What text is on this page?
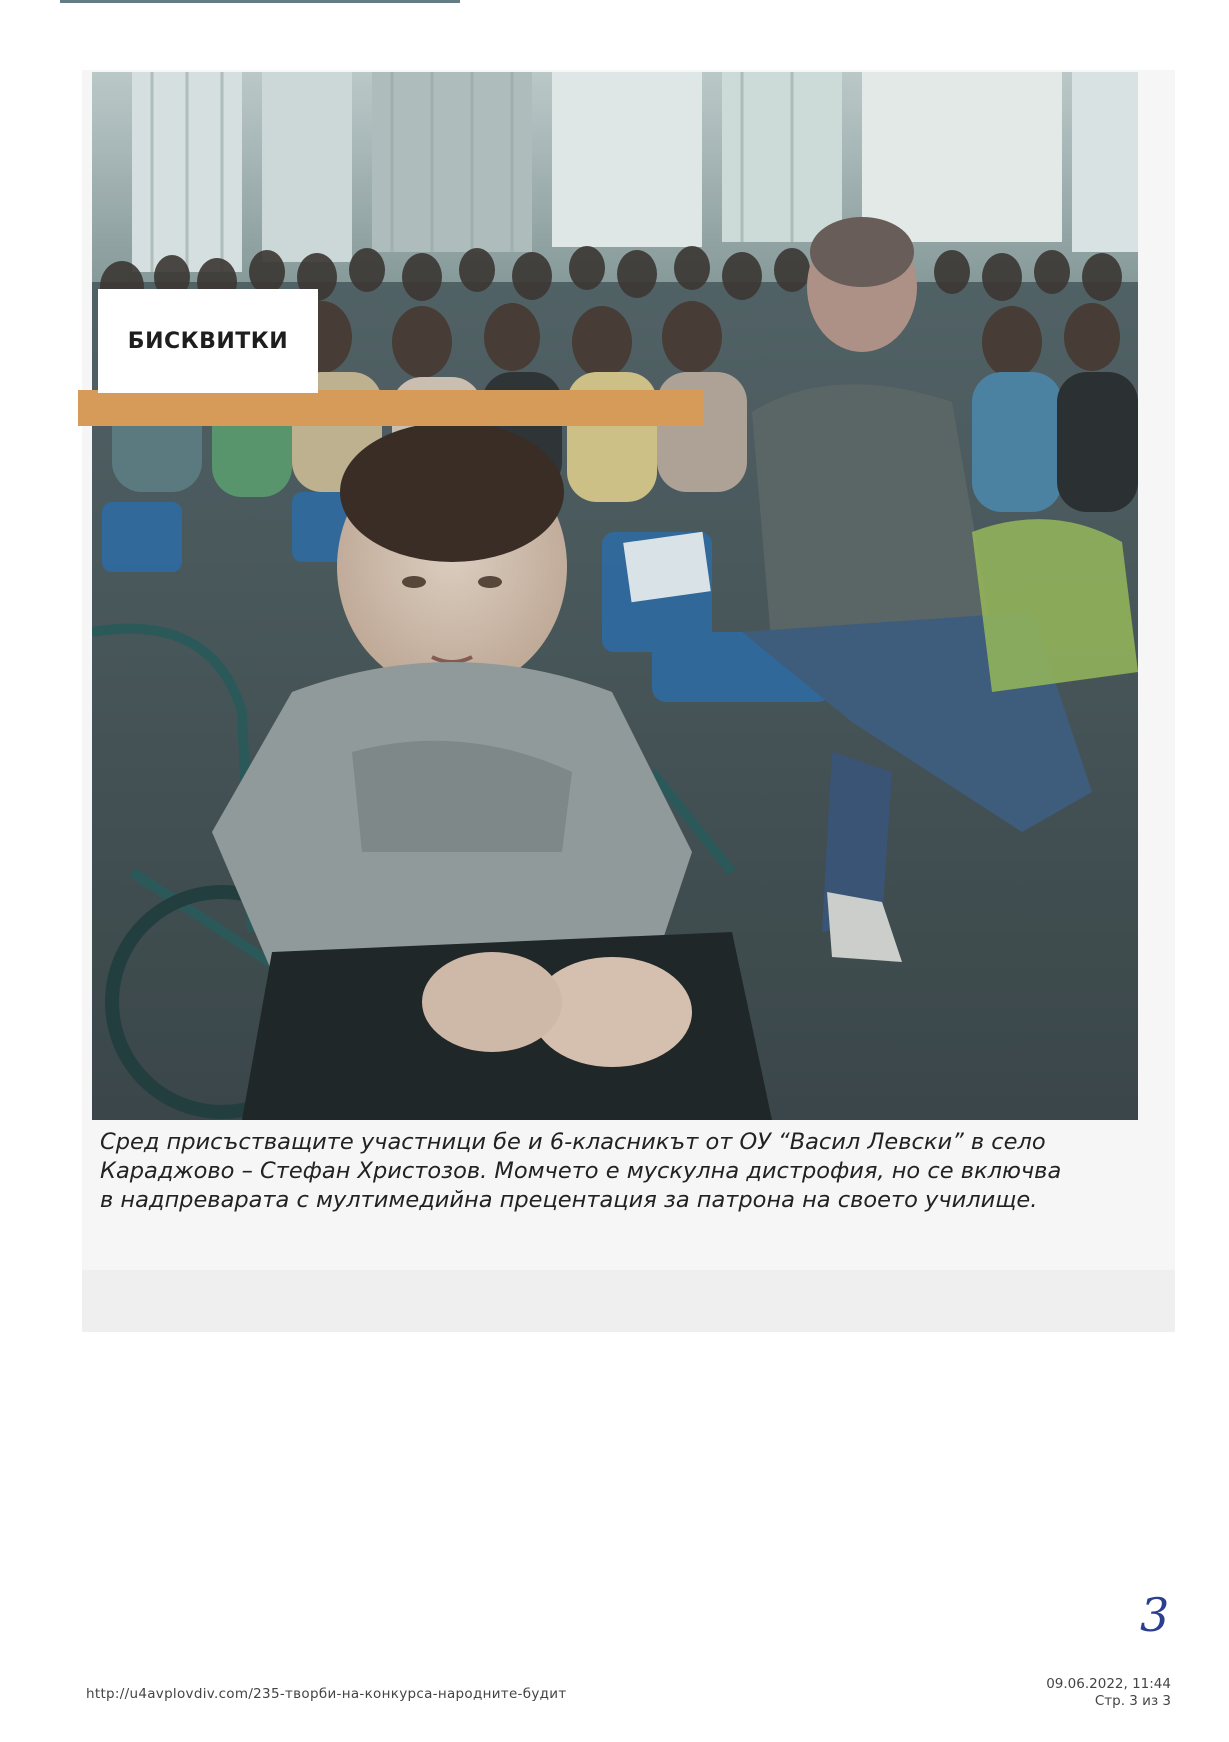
БИСКВИТКИ
Сред присъстващите участници бе и 6-класникът от ОУ “Васил Левски” в село
Караджово – Стефан Христозов. Момчето е мускулна дистрофия, но се включва
в надпреварата с мултимедийна прецентация за патрона на своето училище.
3
http://u4avplovdiv.com/235-творби-на-конкурса-народните-будит
09.06.2022, 11:44
Стр. 3 из 3
